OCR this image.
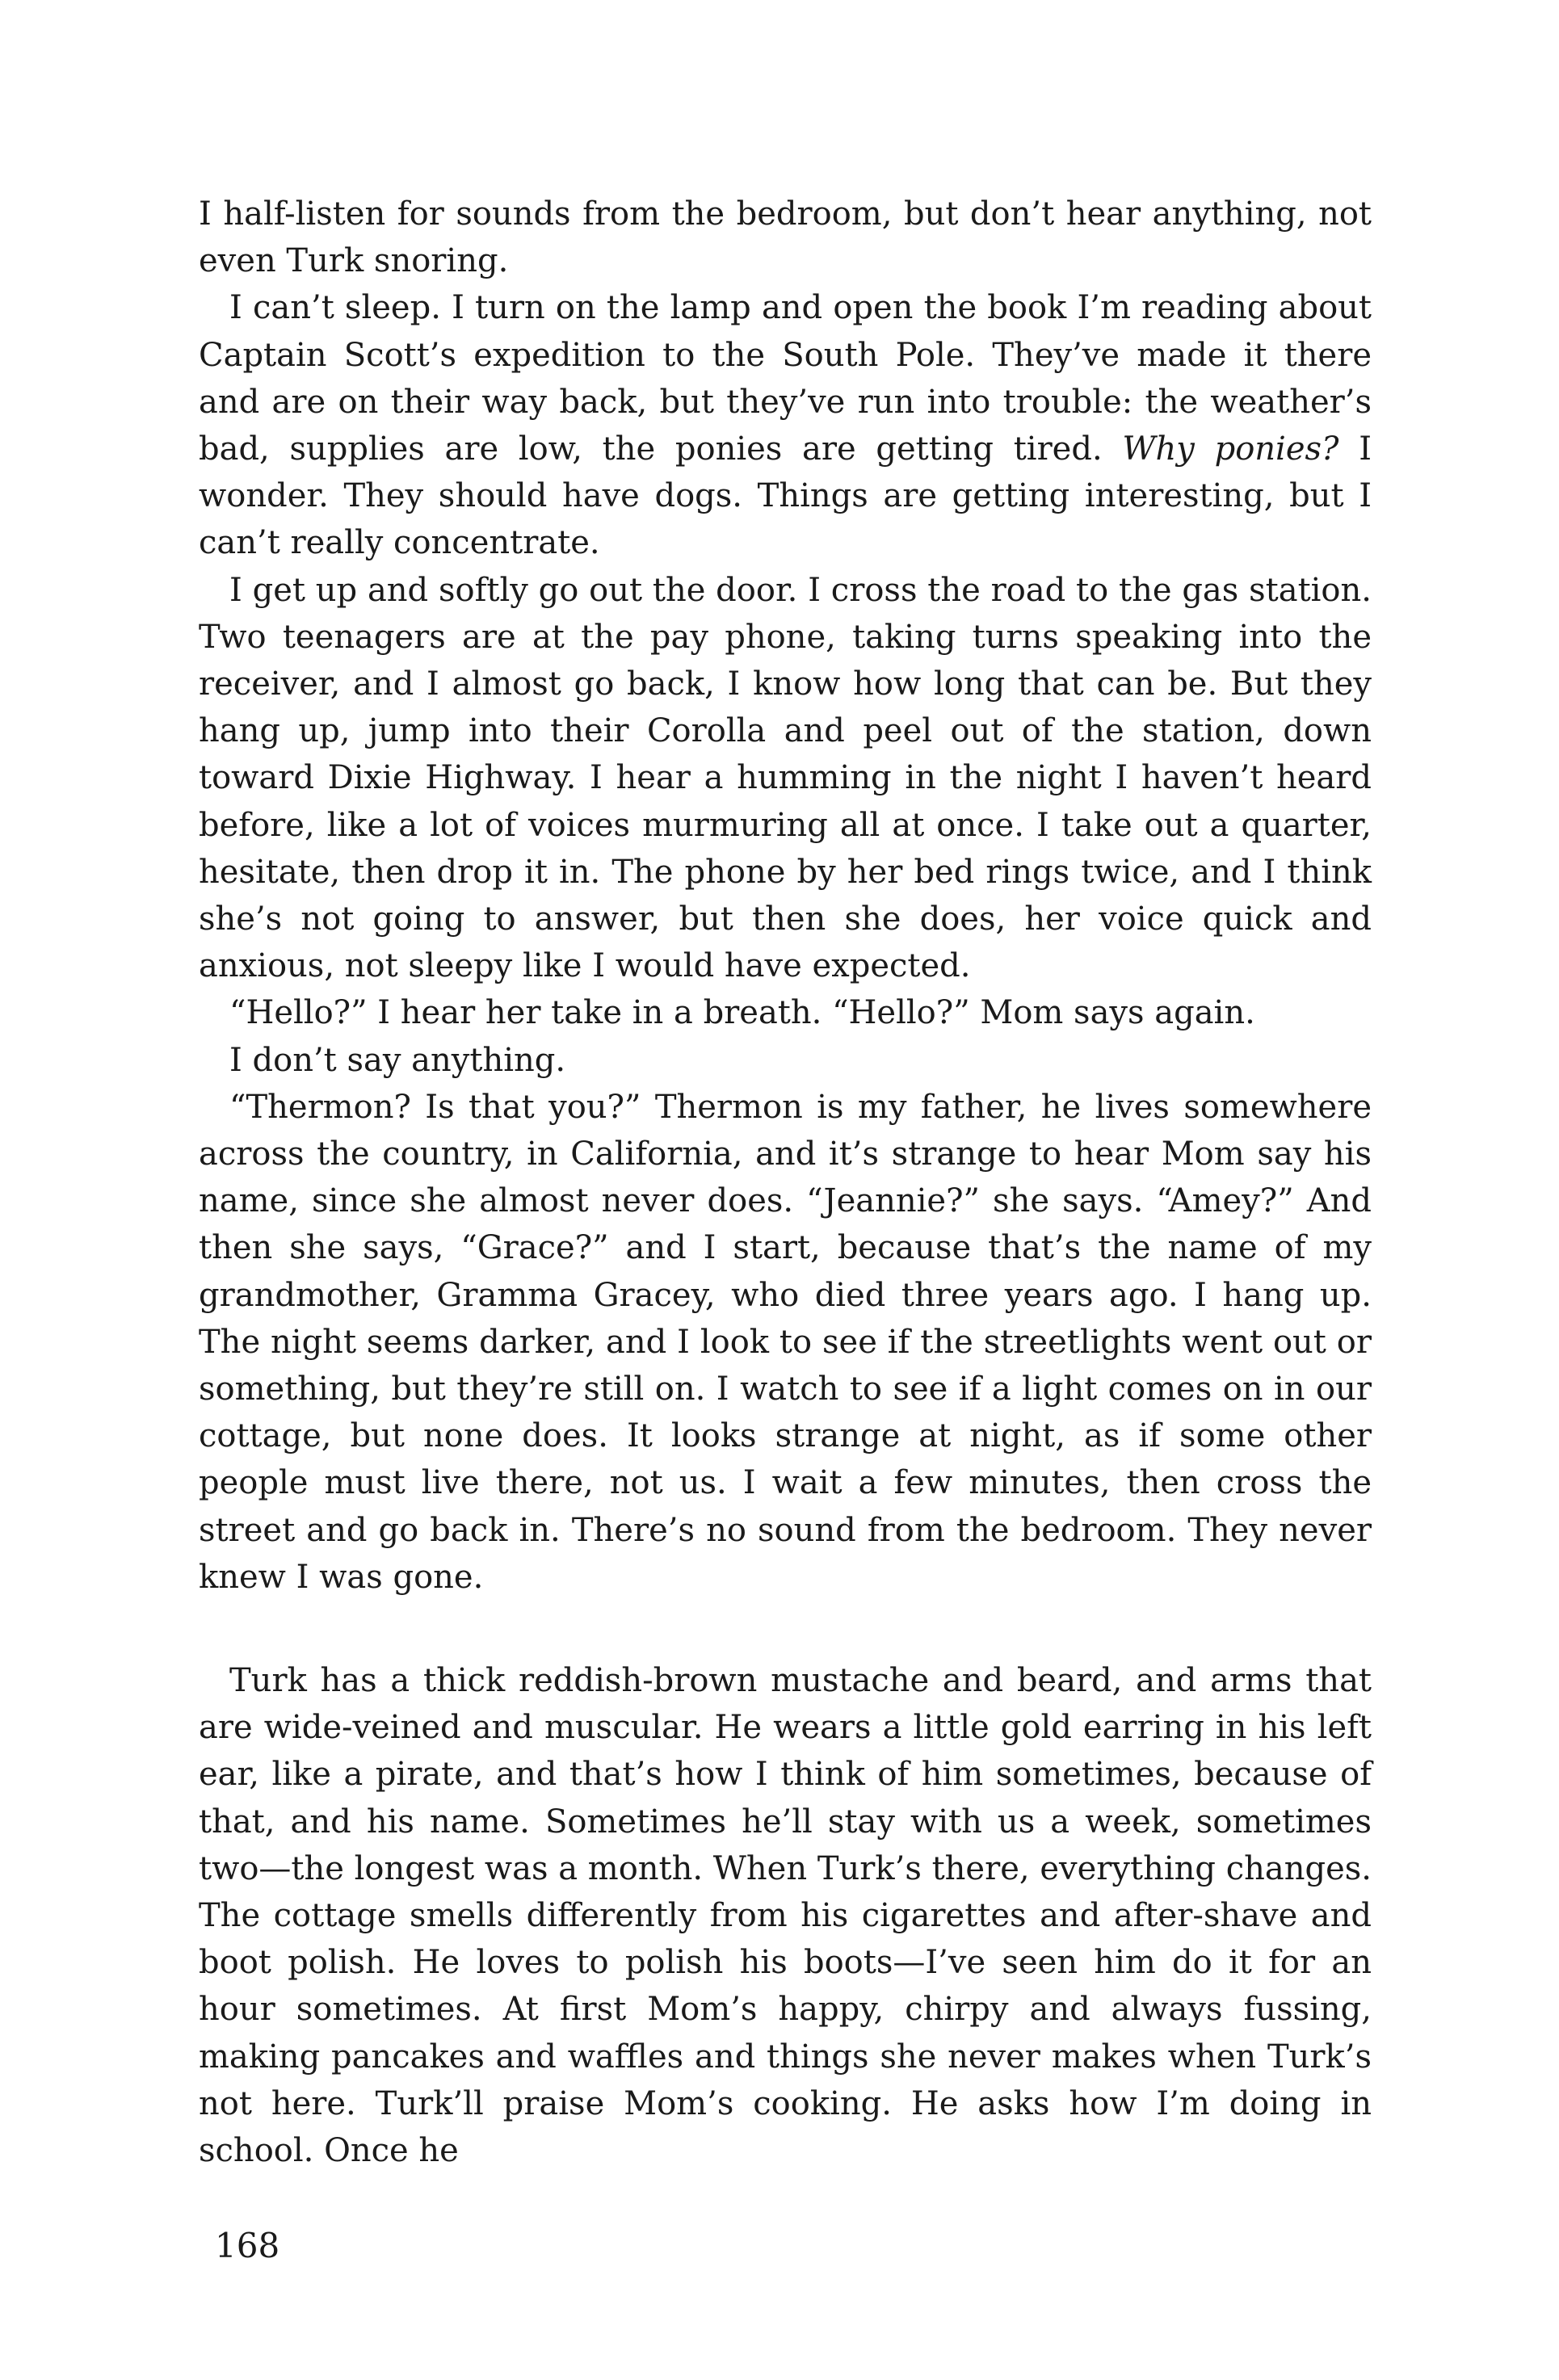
I half-listen for sounds from the bedroom, but don’t hear anything, not even Turk snoring.

I can’t sleep. I turn on the lamp and open the book I’m reading about Captain Scott’s expedition to the South Pole. They’ve made it there and are on their way back, but they’ve run into trouble: the weather’s bad, supplies are low, the ponies are getting tired. Why ponies? I wonder. They should have dogs. Things are getting interesting, but I can’t really concentrate.

I get up and softly go out the door. I cross the road to the gas station. Two teenagers are at the pay phone, taking turns speaking into the receiver, and I almost go back, I know how long that can be. But they hang up, jump into their Corolla and peel out of the station, down toward Dixie Highway. I hear a humming in the night I haven’t heard before, like a lot of voices murmuring all at once. I take out a quarter, hesitate, then drop it in. The phone by her bed rings twice, and I think she’s not going to answer, but then she does, her voice quick and anxious, not sleepy like I would have expected.

“Hello?” I hear her take in a breath. “Hello?” Mom says again.

I don’t say anything.

“Thermon? Is that you?” Thermon is my father, he lives somewhere across the country, in California, and it’s strange to hear Mom say his name, since she almost never does. “Jeannie?” she says. “Amey?” And then she says, “Grace?” and I start, because that’s the name of my grandmother, Gramma Gracey, who died three years ago. I hang up. The night seems darker, and I look to see if the streetlights went out or something, but they’re still on. I watch to see if a light comes on in our cottage, but none does. It looks strange at night, as if some other people must live there, not us. I wait a few minutes, then cross the street and go back in. There’s no sound from the bedroom. They never knew I was gone.

Turk has a thick reddish-brown mustache and beard, and arms that are wide-veined and muscular. He wears a little gold earring in his left ear, like a pirate, and that’s how I think of him sometimes, because of that, and his name. Sometimes he’ll stay with us a week, sometimes two—the longest was a month. When Turk’s there, everything changes. The cottage smells differently from his cigarettes and after-shave and boot polish. He loves to polish his boots—I’ve seen him do it for an hour sometimes. At first Mom’s happy, chirpy and always fussing, making pancakes and waffles and things she never makes when Turk’s not here. Turk’ll praise Mom’s cooking. He asks how I’m doing in school. Once he

168
